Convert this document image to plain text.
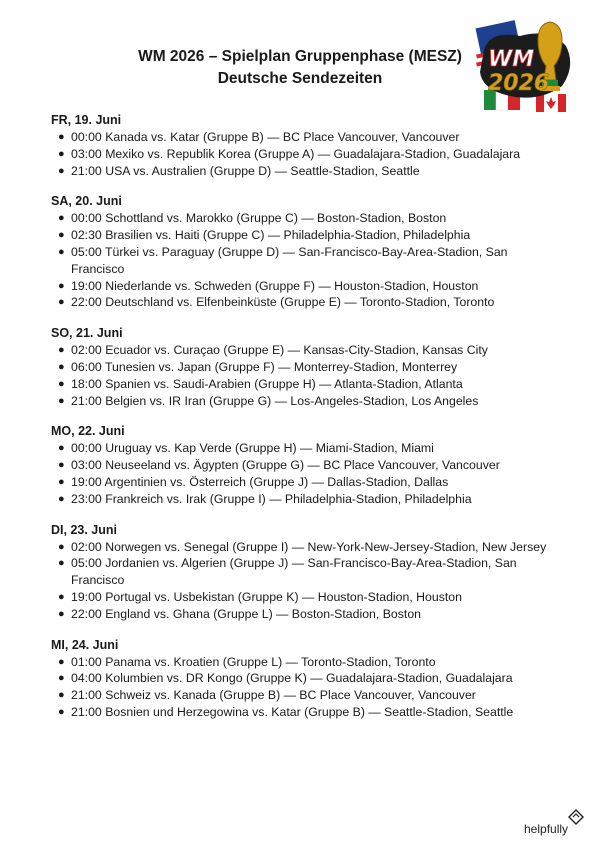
WM 2026 – Spielplan Gruppenphase (MESZ)

Deutsche Sendezeiten

WM
2026

FR, 19. Juni

● 00:00 Kanada vs. Katar (Gruppe B) — BC Place Vancouver, Vancouver
● 03:00 Mexiko vs. Republik Korea (Gruppe A) — Guadalajara-Stadion, Guadalajara
● 21:00 USA vs. Australien (Gruppe D) — Seattle-Stadion, Seattle

SA, 20. Juni

● 00:00 Schottland vs. Marokko (Gruppe C) — Boston-Stadion, Boston
● 02:30 Brasilien vs. Haiti (Gruppe C) — Philadelphia-Stadion, Philadelphia
● 05:00 Türkei vs. Paraguay (Gruppe D) — San-Francisco-Bay-Area-Stadion, San Francisco
● 19:00 Niederlande vs. Schweden (Gruppe F) — Houston-Stadion, Houston
● 22:00 Deutschland vs. Elfenbeinküste (Gruppe E) — Toronto-Stadion, Toronto

SO, 21. Juni

● 02:00 Ecuador vs. Curaçao (Gruppe E) — Kansas-City-Stadion, Kansas City
● 06:00 Tunesien vs. Japan (Gruppe F) — Monterrey-Stadion, Monterrey
● 18:00 Spanien vs. Saudi-Arabien (Gruppe H) — Atlanta-Stadion, Atlanta
● 21:00 Belgien vs. IR Iran (Gruppe G) — Los-Angeles-Stadion, Los Angeles

MO, 22. Juni

● 00:00 Uruguay vs. Kap Verde (Gruppe H) — Miami-Stadion, Miami
● 03:00 Neuseeland vs. Ägypten (Gruppe G) — BC Place Vancouver, Vancouver
● 19:00 Argentinien vs. Österreich (Gruppe J) — Dallas-Stadion, Dallas
● 23:00 Frankreich vs. Irak (Gruppe I) — Philadelphia-Stadion, Philadelphia

DI, 23. Juni

● 02:00 Norwegen vs. Senegal (Gruppe I) — New-York-New-Jersey-Stadion, New Jersey
● 05:00 Jordanien vs. Algerien (Gruppe J) — San-Francisco-Bay-Area-Stadion, San Francisco
● 19:00 Portugal vs. Usbekistan (Gruppe K) — Houston-Stadion, Houston
● 22:00 England vs. Ghana (Gruppe L) — Boston-Stadion, Boston

MI, 24. Juni

● 01:00 Panama vs. Kroatien (Gruppe L) — Toronto-Stadion, Toronto
● 04:00 Kolumbien vs. DR Kongo (Gruppe K) — Guadalajara-Stadion, Guadalajara
● 21:00 Schweiz vs. Kanada (Gruppe B) — BC Place Vancouver, Vancouver
● 21:00 Bosnien und Herzegowina vs. Katar (Gruppe B) — Seattle-Stadion, Seattle
helpfully
